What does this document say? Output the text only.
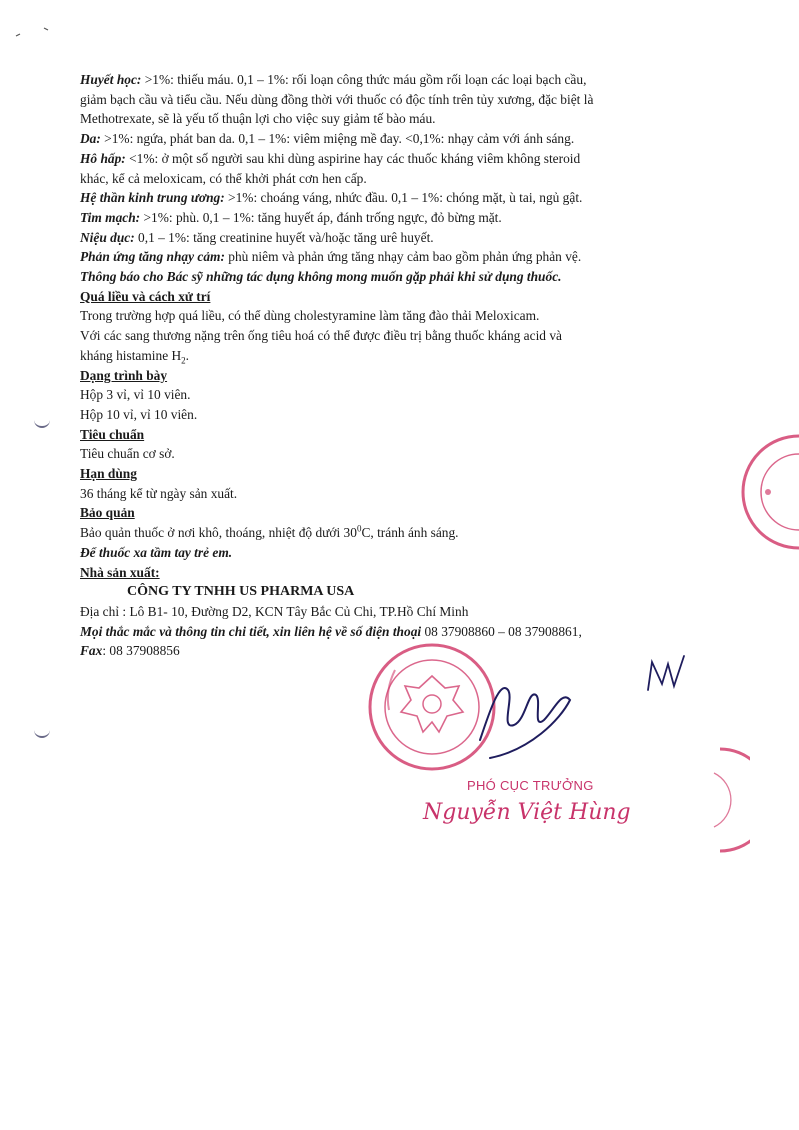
Huyết học: >1%: thiếu máu. 0,1 – 1%: rối loạn công thức máu gồm rối loạn các loại bạch cầu,
giảm bạch cầu và tiểu cầu. Nếu dùng đồng thời với thuốc có độc tính trên tủy xương, đặc biệt là
Methotrexate, sẽ là yếu tố thuận lợi cho việc suy giảm tế bào máu.
Da: >1%: ngứa, phát ban da. 0,1 – 1%: viêm miệng mề đay. <0,1%: nhạy cảm với ánh sáng.
Hô hấp: <1%: ở một số người sau khi dùng aspirine hay các thuốc kháng viêm không steroid
khác, kể cả meloxicam, có thể khởi phát cơn hen cấp.
Hệ thần kinh trung ương: >1%: choáng váng, nhức đầu. 0,1 – 1%: chóng mặt, ù tai, ngủ gật.
Tim mạch: >1%: phù. 0,1 – 1%: tăng huyết áp, đánh trống ngực, đỏ bừng mặt.
Niệu dục: 0,1 – 1%: tăng creatinine huyết và/hoặc tăng urê huyết.
Phản ứng tăng nhạy cảm: phù niêm và phản ứng tăng nhạy cảm bao gồm phản ứng phản vệ.
Thông báo cho Bác sỹ những tác dụng không mong muốn gặp phải khi sử dụng thuốc.
Quá liều và cách xử trí
Trong trường hợp quá liều, có thể dùng cholestyramine làm tăng đào thải Meloxicam.
Với các sang thương nặng trên ống tiêu hoá có thể được điều trị bằng thuốc kháng acid và
kháng histamine $H_2$.
Dạng trình bày
Hộp 3 vỉ, vỉ 10 viên.
Hộp 10 vỉ, vỉ 10 viên.
Tiêu chuẩn
Tiêu chuẩn cơ sở.
Hạn dùng
36 tháng kể từ ngày sản xuất.
Bảo quản
Bảo quản thuốc ở nơi khô, thoáng, nhiệt độ dưới $30^0C$, tránh ánh sáng.
Để thuốc xa tầm tay trẻ em.
Nhà sản xuất:
CÔNG TY TNHH US PHARMA USA
Địa chỉ : Lô B1- 10, Đường D2, KCN Tây Bắc Củ Chi, TP.Hồ Chí Minh
Mọi thắc mắc và thông tin chi tiết, xin liên hệ về số điện thoại 08 37908860 – 08 37908861,
Fax: 08 37908856
PHÓ CỤC TRƯỞNG
Nguyễn Việt Hùng
